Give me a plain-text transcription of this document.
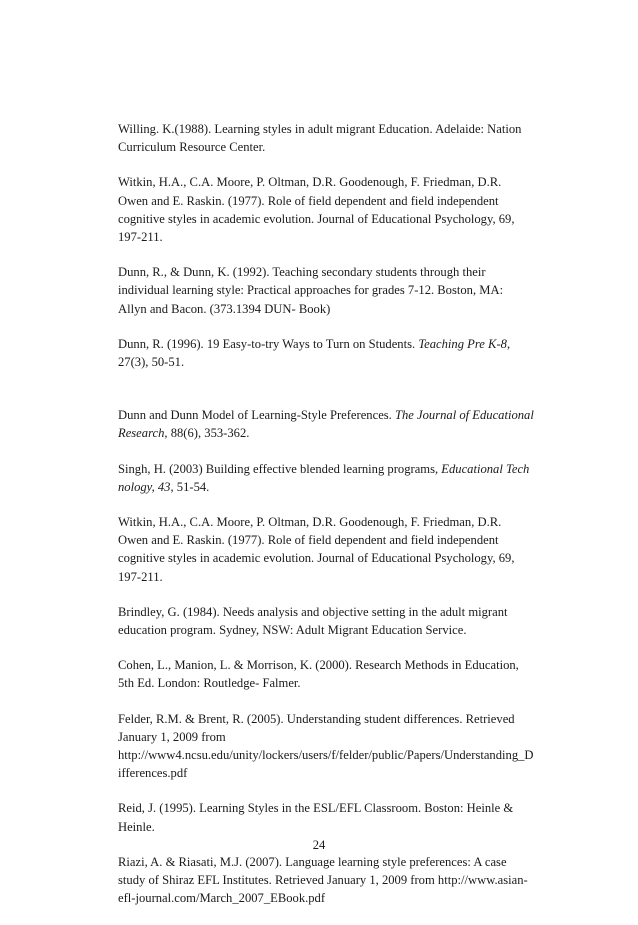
Willing. K.(1988). Learning styles in adult migrant Education. Adelaide: Nation
Curriculum Resource Center.
Witkin, H.A., C.A. Moore, P. Oltman, D.R. Goodenough, F. Friedman, D.R.
Owen and E. Raskin. (1977). Role of field dependent and field independent
cognitive styles in academic evolution. Journal of Educational Psychology, 69,
197-211.
Dunn, R., & Dunn, K. (1992). Teaching secondary students through their
individual learning style: Practical approaches for grades 7-12. Boston, MA:
Allyn and Bacon. (373.1394 DUN- Book)
Dunn, R. (1996). 19 Easy-to-try Ways to Turn on Students. Teaching Pre K-8,
27(3), 50-51.
Dunn and Dunn Model of Learning-Style Preferences. The Journal of Educational
Research, 88(6), 353-362.
Singh, H. (2003) Building effective blended learning programs, Educational Tech
nology, 43, 51-54.
Witkin, H.A., C.A. Moore, P. Oltman, D.R. Goodenough, F. Friedman, D.R.
Owen and E. Raskin. (1977). Role of field dependent and field independent
cognitive styles in academic evolution. Journal of Educational Psychology, 69,
197-211.
Brindley, G. (1984). Needs analysis and objective setting in the adult migrant
education program. Sydney, NSW: Adult Migrant Education Service.
Cohen, L., Manion, L. & Morrison, K. (2000). Research Methods in Education,
5th Ed. London: Routledge- Falmer.
Felder, R.M. & Brent, R. (2005). Understanding student differences. Retrieved
January 1, 2009 from
http://www4.ncsu.edu/unity/lockers/users/f/felder/public/Papers/Understanding_D
ifferences.pdf
Reid, J. (1995). Learning Styles in the ESL/EFL Classroom. Boston: Heinle &
Heinle.
Riazi, A. & Riasati, M.J. (2007). Language learning style preferences: A case
study of Shiraz EFL Institutes. Retrieved January 1, 2009 from http://www.asian-
efl-journal.com/March_2007_EBook.pdf
24
